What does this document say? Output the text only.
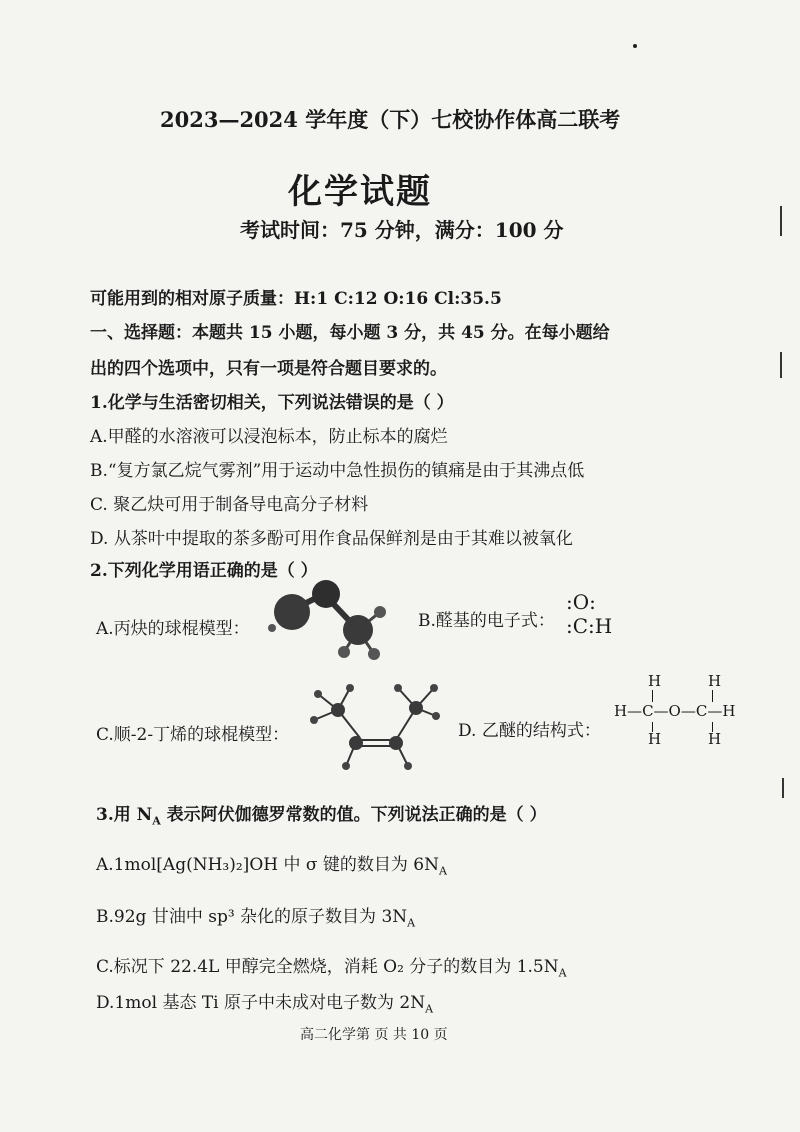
2023—2024 学年度（下）七校协作体高二联考
化学试题
考试时间：75 分钟，满分：100 分
可能用到的相对原子质量：H:1 C:12 O:16 Cl:35.5
一、选择题：本题共 15 小题，每小题 3 分，共 45 分。在每小题给
出的四个选项中，只有一项是符合题目要求的。
1.化学与生活密切相关，下列说法错误的是（ ）
A.甲醛的水溶液可以浸泡标本，防止标本的腐烂
B.“复方氯乙烷气雾剂”用于运动中急性损伤的镇痛是由于其沸点低
C. 聚乙炔可用于制备导电高分子材料
D. 从茶叶中提取的茶多酚可用作食品保鲜剂是由于其难以被氧化
2.下列化学用语正确的是（ ）
A.丙炔的球棍模型：	B.醛基的电子式：
:O:
:C:H
C.顺-2-丁烯的球棍模型：	D. 乙醚的结构式：
H	H
H—C—O—C—H
H	H
3.用 $N_A$ 表示阿伏伽德罗常数的值。下列说法正确的是（ ）
A.1mol[Ag(NH₃)₂]OH 中 σ 键的数目为 $6N_A$
B.92g 甘油中 sp³ 杂化的原子数目为 $3N_A$
C.标况下 22.4L 甲醇完全燃烧，消耗 O₂ 分子的数目为 $1.5N_A$
D.1mol 基态 Ti 原子中未成对电子数为 $2N_A$
高二化学第 页 共 10 页
